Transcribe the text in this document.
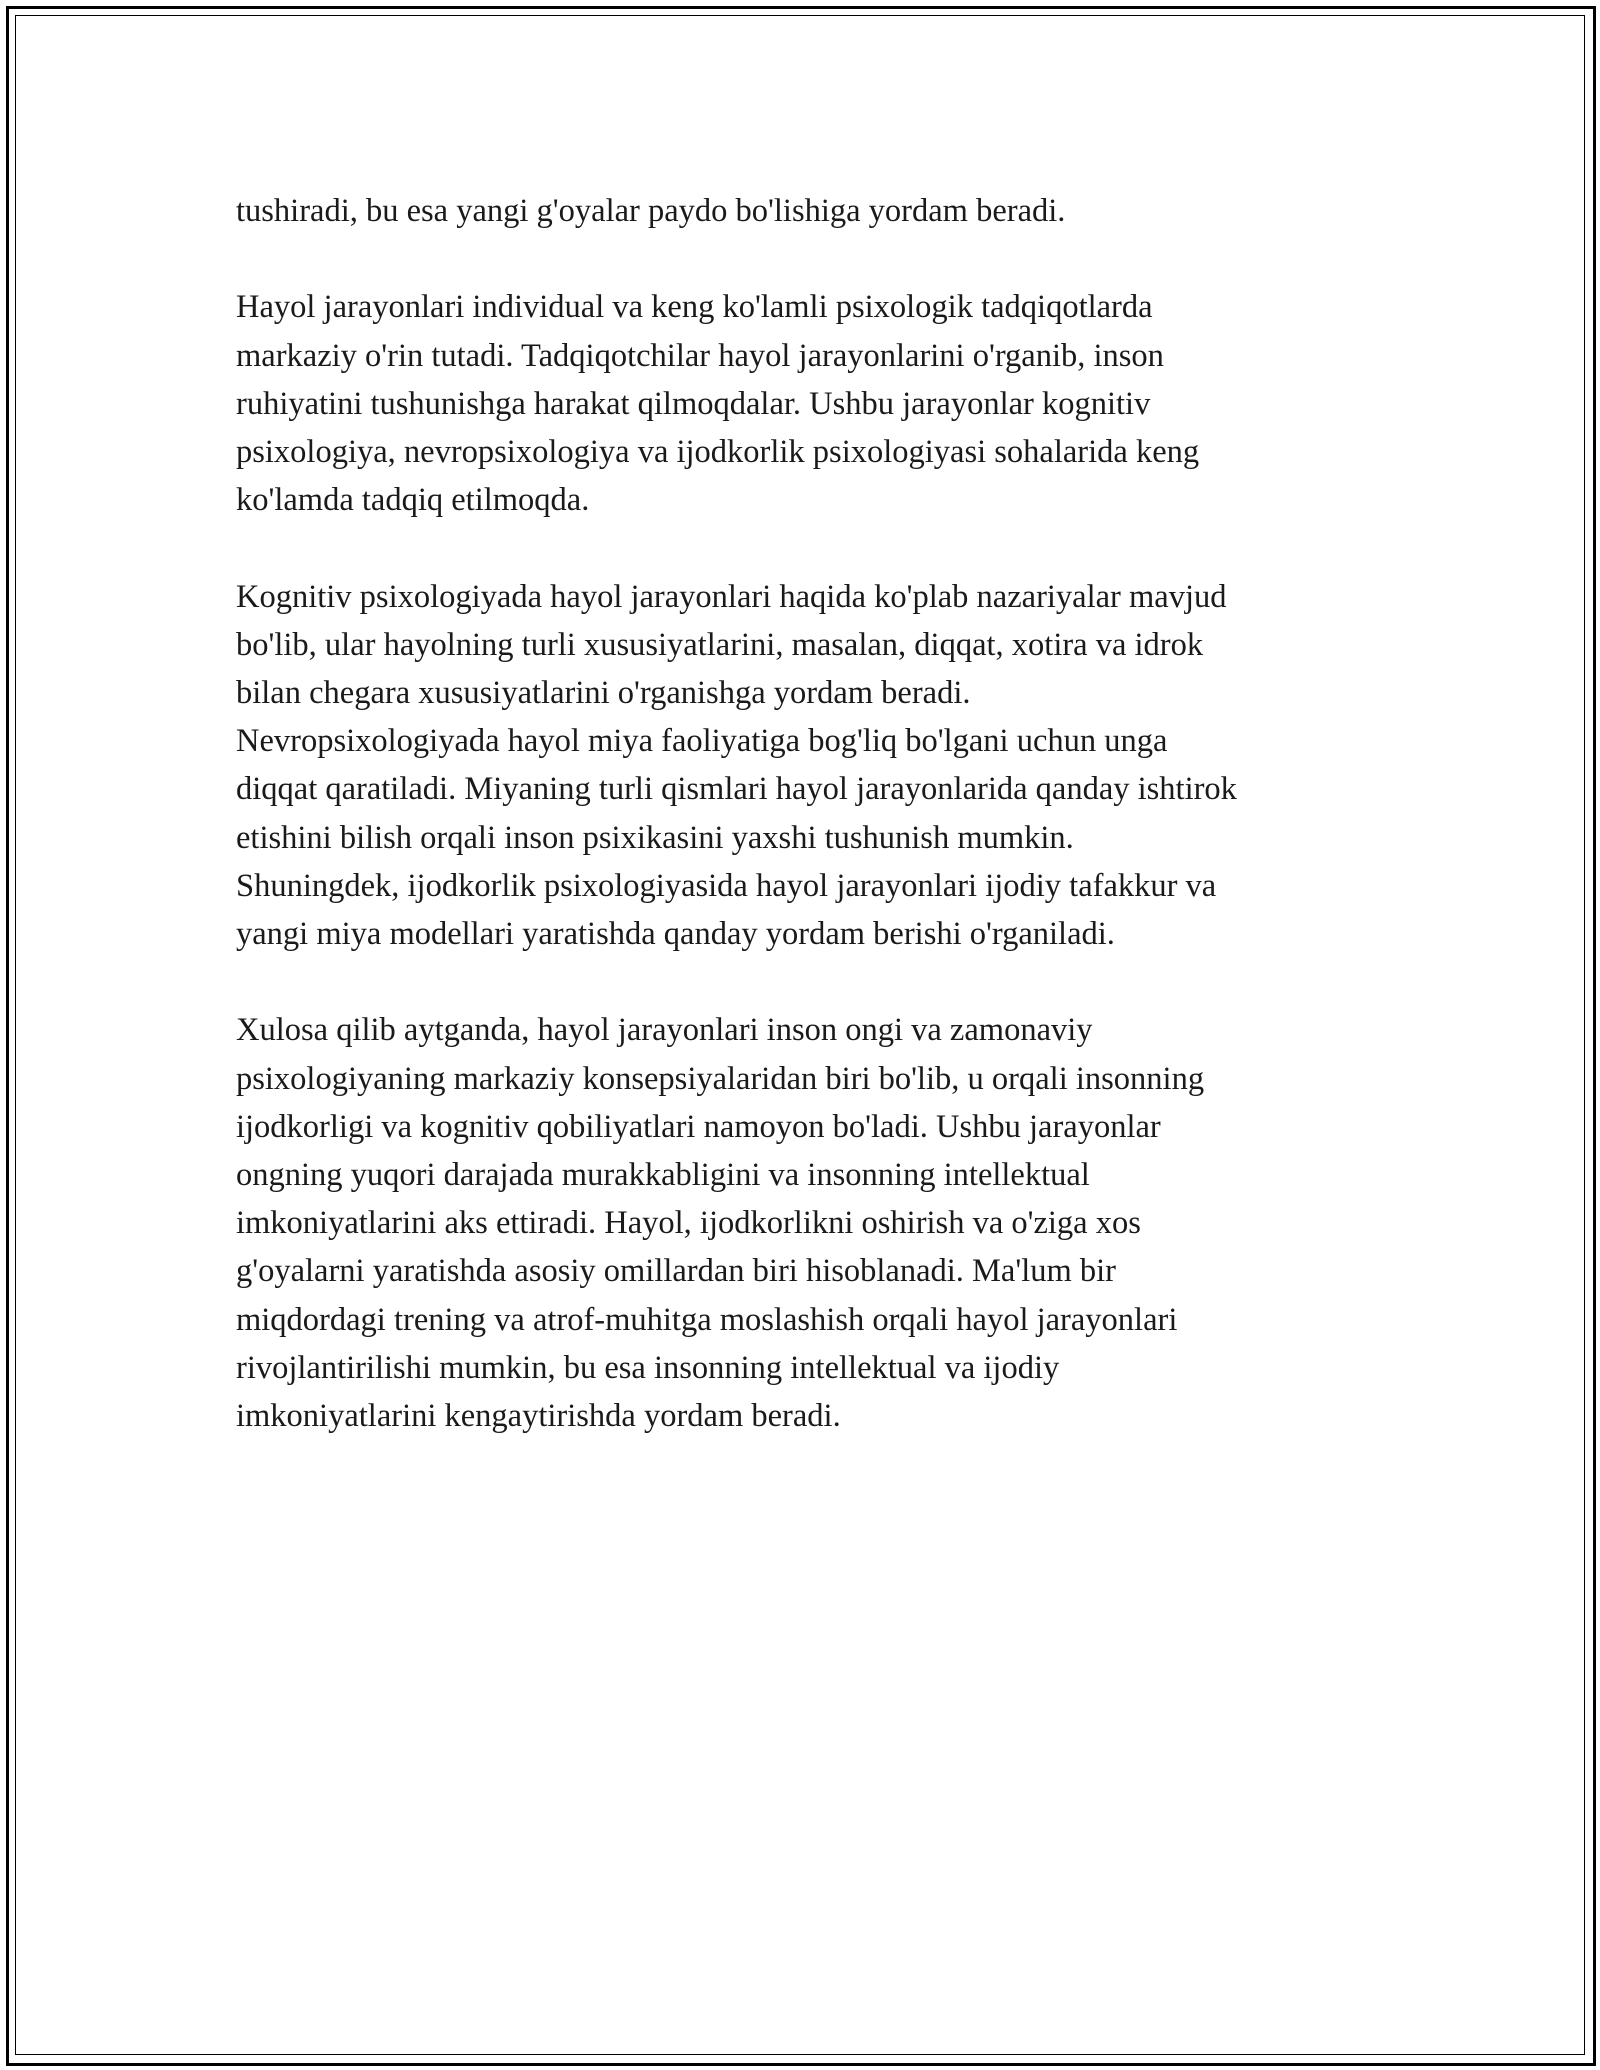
tushiradi, bu esa yangi g'oyalar paydo bo'lishiga yordam beradi.

Hayol jarayonlari individual va keng ko'lamli psixologik tadqiqotlarda
markaziy o'rin tutadi. Tadqiqotchilar hayol jarayonlarini o'rganib, inson
ruhiyatini tushunishga harakat qilmoqdalar. Ushbu jarayonlar kognitiv
psixologiya, nevropsixologiya va ijodkorlik psixologiyasi sohalarida keng
ko'lamda tadqiq etilmoqda.

Kognitiv psixologiyada hayol jarayonlari haqida ko'plab nazariyalar mavjud
bo'lib, ular hayolning turli xususiyatlarini, masalan, diqqat, xotira va idrok
bilan chegara xususiyatlarini o'rganishga yordam beradi.
Nevropsixologiyada hayol miya faoliyatiga bog'liq bo'lgani uchun unga
diqqat qaratiladi. Miyaning turli qismlari hayol jarayonlarida qanday ishtirok
etishini bilish orqali inson psixikasini yaxshi tushunish mumkin.
Shuningdek, ijodkorlik psixologiyasida hayol jarayonlari ijodiy tafakkur va
yangi miya modellari yaratishda qanday yordam berishi o'rganiladi.

Xulosa qilib aytganda, hayol jarayonlari inson ongi va zamonaviy
psixologiyaning markaziy konsepsiyalaridan biri bo'lib, u orqali insonning
ijodkorligi va kognitiv qobiliyatlari namoyon bo'ladi. Ushbu jarayonlar
ongning yuqori darajada murakkabligini va insonning intellektual
imkoniyatlarini aks ettiradi. Hayol, ijodkorlikni oshirish va o'ziga xos
g'oyalarni yaratishda asosiy omillardan biri hisoblanadi. Ma'lum bir
miqdordagi trening va atrof-muhitga moslashish orqali hayol jarayonlari
rivojlantirilishi mumkin, bu esa insonning intellektual va ijodiy
imkoniyatlarini kengaytirishda yordam beradi.
